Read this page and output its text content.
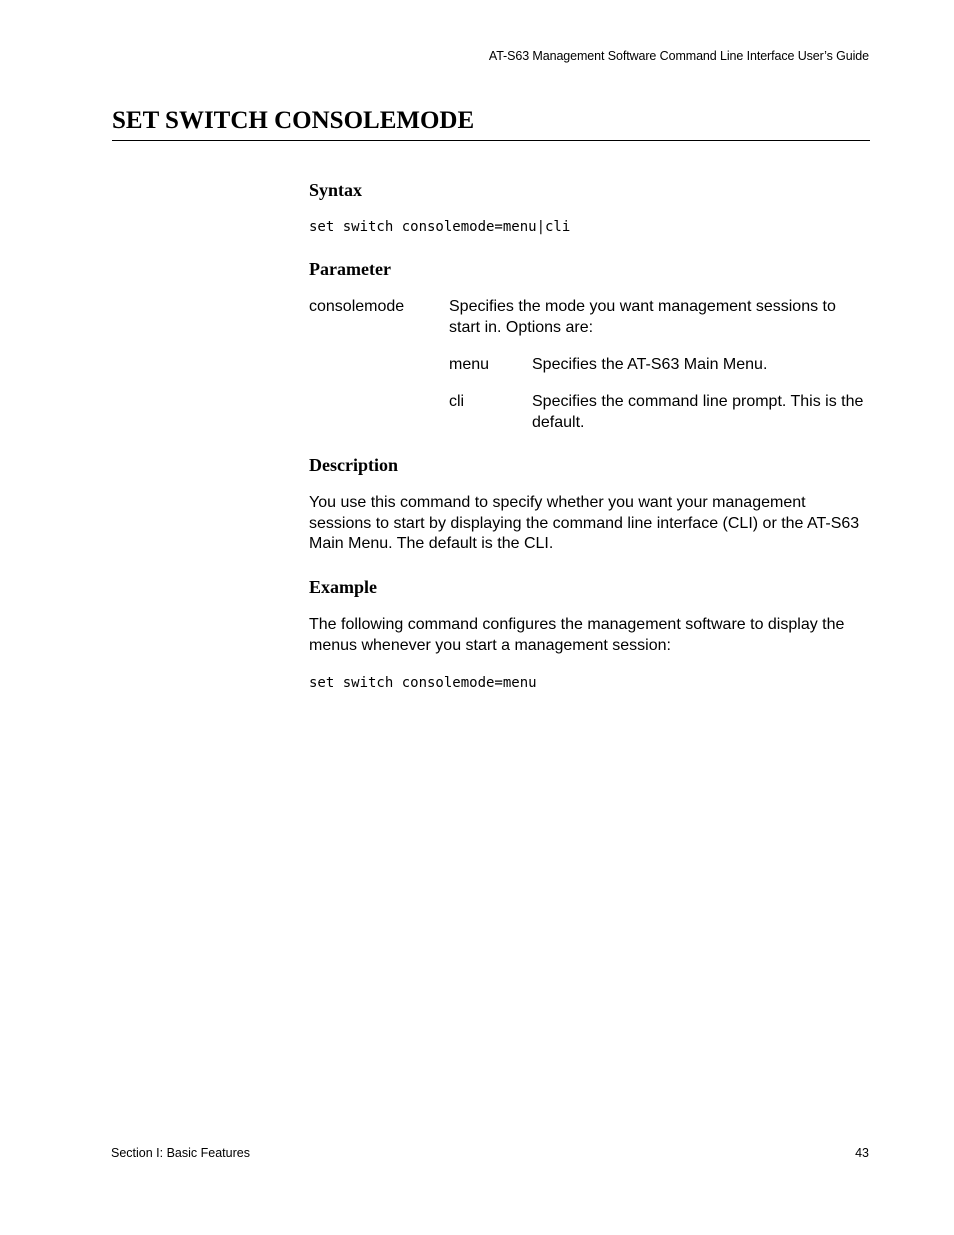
AT-S63 Management Software Command Line Interface User’s Guide
SET SWITCH CONSOLEMODE
Syntax
set switch consolemode=menu|cli
Parameter
consolemode	Specifies the mode you want management sessions to start in. Options are:
menu	Specifies the AT-S63 Main Menu.
cli	Specifies the command line prompt. This is the default.
Description

You use this command to specify whether you want your management sessions to start by displaying the command line interface (CLI) or the AT-S63 Main Menu. The default is the CLI.

Example

The following command configures the management software to display the menus whenever you start a management session:

set switch consolemode=menu
Section I: Basic Features	43
